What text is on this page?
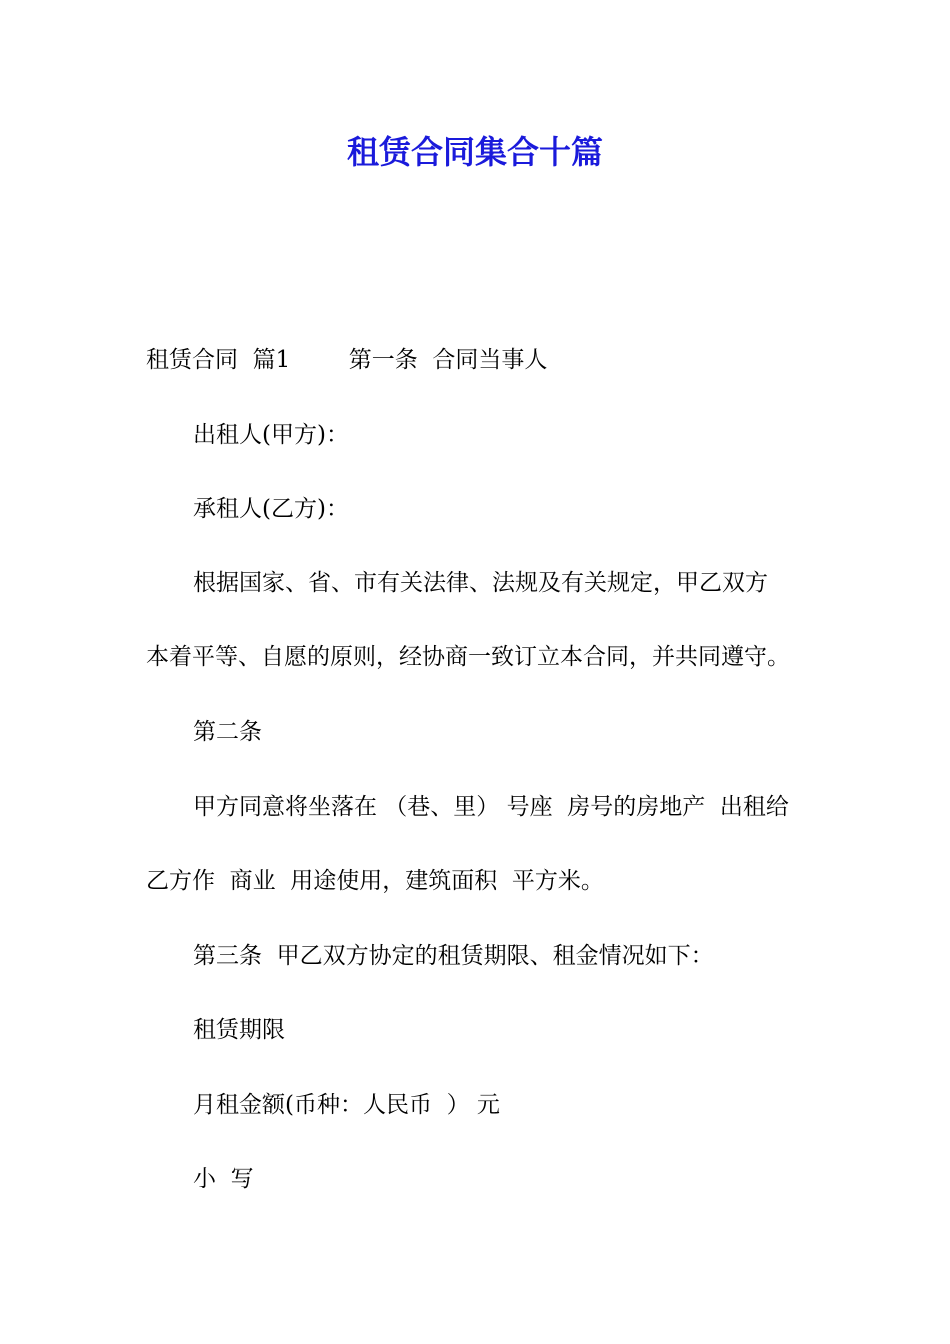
租赁合同集合十篇
租赁合同  篇1        第一条  合同当事人
出租人(甲方)：
承租人(乙方)：
根据国家、省、市有关法律、法规及有关规定，甲乙双方
本着平等、自愿的原则，经协商一致订立本合同，并共同遵守。
第二条
甲方同意将坐落在 （巷、里） 号座  房号的房地产  出租给
乙方作  商业  用途使用，建筑面积  平方米。
第三条  甲乙双方协定的租赁期限、租金情况如下：
租赁期限
月租金额(币种：人民币  ） 元
小  写
